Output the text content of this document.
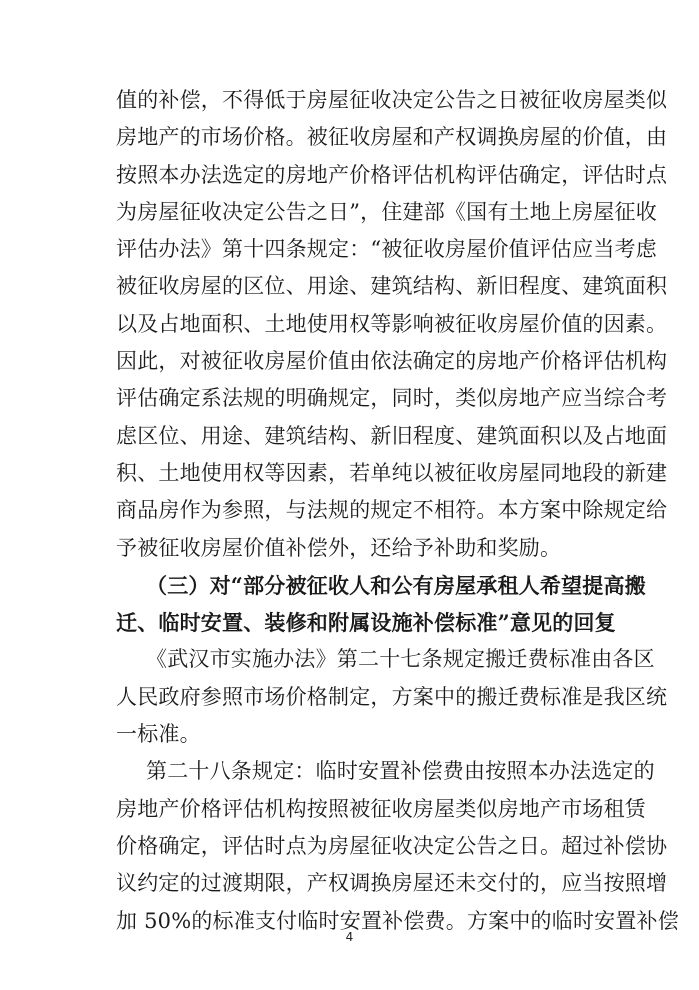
值的补偿，不得低于房屋征收决定公告之日被征收房屋类似
房地产的市场价格。被征收房屋和产权调换房屋的价值，由
按照本办法选定的房地产价格评估机构评估确定，评估时点
为房屋征收决定公告之日”，住建部《国有土地上房屋征收
评估办法》第十四条规定：“被征收房屋价值评估应当考虑
被征收房屋的区位、用途、建筑结构、新旧程度、建筑面积
以及占地面积、土地使用权等影响被征收房屋价值的因素。
因此，对被征收房屋价值由依法确定的房地产价格评估机构
评估确定系法规的明确规定，同时，类似房地产应当综合考
虑区位、用途、建筑结构、新旧程度、建筑面积以及占地面
积、土地使用权等因素，若单纯以被征收房屋同地段的新建
商品房作为参照，与法规的规定不相符。本方案中除规定给
予被征收房屋价值补偿外，还给予补助和奖励。
（三）对“部分被征收人和公有房屋承租人希望提高搬
迁、临时安置、装修和附属设施补偿标准”意见的回复
《武汉市实施办法》第二十七条规定搬迁费标准由各区
人民政府参照市场价格制定，方案中的搬迁费标准是我区统
一标准。
第二十八条规定：临时安置补偿费由按照本办法选定的
房地产价格评估机构按照被征收房屋类似房地产市场租赁
价格确定，评估时点为房屋征收决定公告之日。超过补偿协
议约定的过渡期限，产权调换房屋还未交付的，应当按照增
加 50%的标准支付临时安置补偿费。方案中的临时安置补偿
4
